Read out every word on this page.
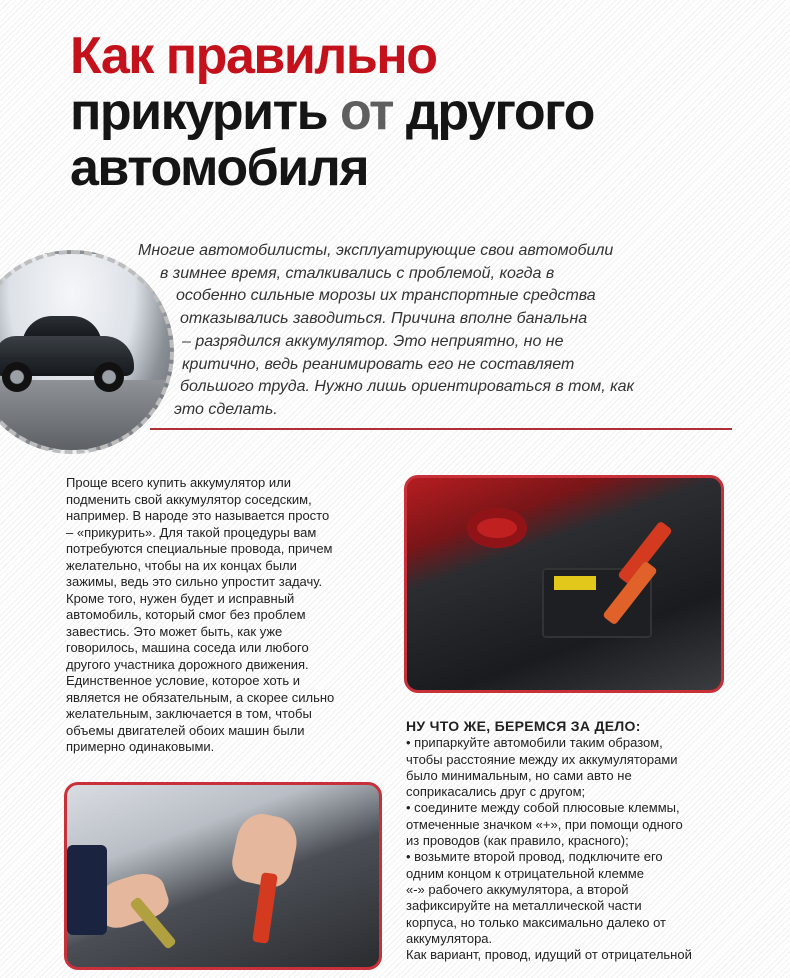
Как правильно
прикурить от другого
автомобиля
Многие автомобилисты, эксплуатирующие свои автомобили
в зимнее время, сталкивались с проблемой, когда в
особенно сильные морозы их транспортные средства
отказывались заводиться. Причина вполне банальна
– разрядился аккумулятор. Это неприятно, но не
критично, ведь реанимировать его не составляет
большого труда. Нужно лишь ориентироваться в том, как
это сделать.
Проще всего купить аккумулятор или
подменить свой аккумулятор соседским,
например. В народе это называется просто
– «прикурить». Для такой процедуры вам
потребуются специальные провода, причем
желательно, чтобы на их концах были
зажимы, ведь это сильно упростит задачу.
Кроме того, нужен будет и исправный
автомобиль, который смог без проблем
завестись. Это может быть, как уже
говорилось, машина соседа или любого
другого участника дорожного движения.
Единственное условие, которое хоть и
является не обязательным, а скорее сильно
желательным, заключается в том, чтобы
объемы двигателей обоих машин были
примерно одинаковыми.
НУ ЧТО ЖЕ, БЕРЕМСЯ ЗА ДЕЛО:
• припаркуйте автомобили таким образом,
чтобы расстояние между их аккумуляторами
было минимальным, но сами авто не
соприкасались друг с другом;
• соедините между собой плюсовые клеммы,
отмеченные значком «+», при помощи одного
из проводов (как правило, красного);
• возьмите второй провод, подключите его
одним концом к отрицательной клемме
«-» рабочего аккумулятора, а второй
зафиксируйте на металлической части
корпуса, но только максимально далеко от
аккумулятора.
Как вариант, провод, идущий от отрицательной
